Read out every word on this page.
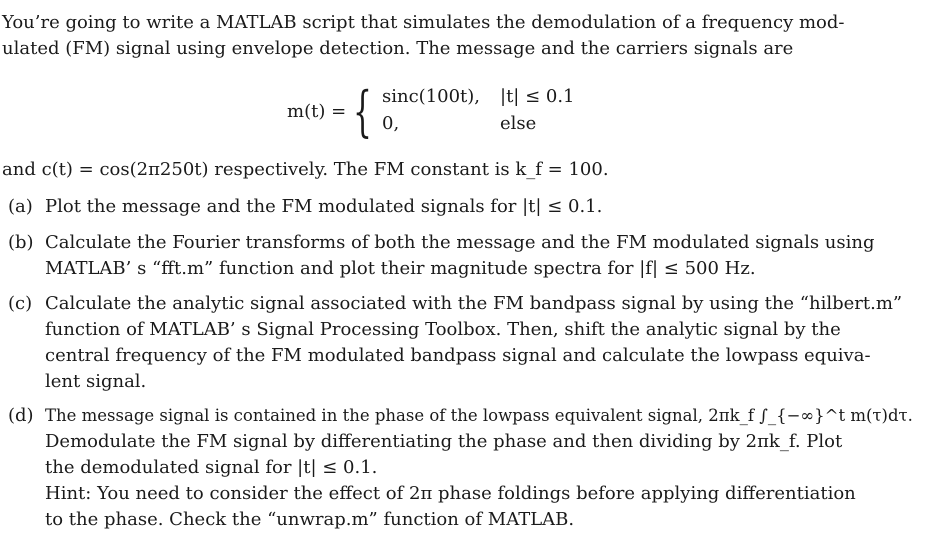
You’re going to write a MATLAB script that simulates the demodulation of a frequency mod-
ulated (FM) signal using envelope detection. The message and the carriers signals are
m(t) = { sinc(100t), |t| ≤ 0.1
0,	else
and c(t) = cos(2π250t) respectively. The FM constant is k_f = 100.
(a) Plot the message and the FM modulated signals for |t| ≤ 0.1.
(b) Calculate the Fourier transforms of both the message and the FM modulated signals using
MATLAB’ s “fft.m” function and plot their magnitude spectra for |f| ≤ 500 Hz.
(c) Calculate the analytic signal associated with the FM bandpass signal by using the “hilbert.m”
function of MATLAB’ s Signal Processing Toolbox. Then, shift the analytic signal by the
central frequency of the FM modulated bandpass signal and calculate the lowpass equiva-
lent signal.
(d) The message signal is contained in the phase of the lowpass equivalent signal, 2πk_f ∫_{−∞}^t m(τ)dτ.
Demodulate the FM signal by differentiating the phase and then dividing by 2πk_f. Plot
the demodulated signal for |t| ≤ 0.1.
Hint: You need to consider the effect of 2π phase foldings before applying differentiation
to the phase. Check the “unwrap.m” function of MATLAB.
